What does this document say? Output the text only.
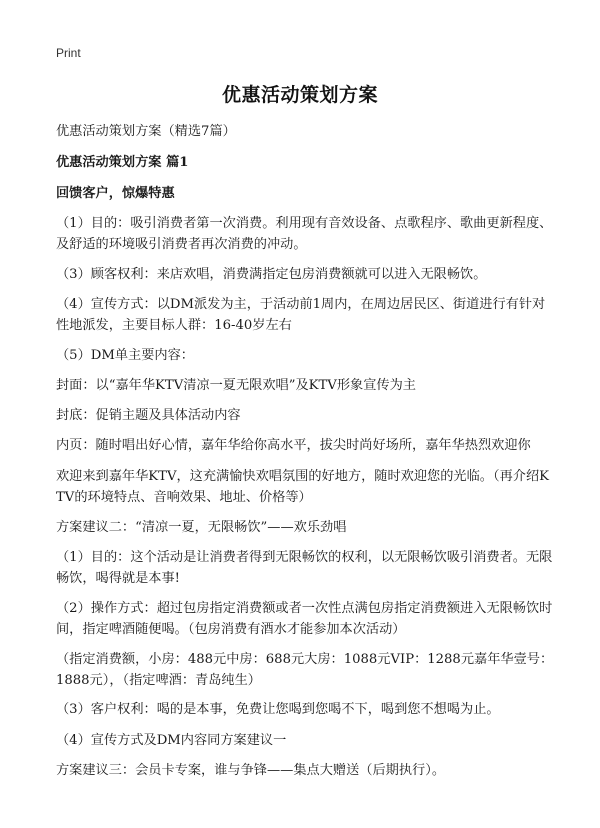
Print
优惠活动策划方案
优惠活动策划方案（精选7篇）
优惠活动策划方案 篇1
回馈客户，惊爆特惠
（1）目的：吸引消费者第一次消费。利用现有音效设备、点歌程序、歌曲更新程度、及舒适的环境吸引消费者再次消费的冲动。
（3）顾客权利：来店欢唱，消费满指定包房消费额就可以进入无限畅饮。
（4）宣传方式：以DM派发为主，于活动前1周内，在周边居民区、街道进行有针对性地派发，主要目标人群：16-40岁左右
（5）DM单主要内容：
封面：以“嘉年华KTV清凉一夏无限欢唱”及KTV形象宣传为主
封底：促销主题及具体活动内容
内页：随时唱出好心情，嘉年华给你高水平，拔尖时尚好场所，嘉年华热烈欢迎你
欢迎来到嘉年华KTV，这充满愉快欢唱氛围的好地方，随时欢迎您的光临。（再介绍KTV的环境特点、音响效果、地址、价格等）
方案建议二：“清凉一夏，无限畅饮”——欢乐劲唱
（1）目的：这个活动是让消费者得到无限畅饮的权利，以无限畅饮吸引消费者。无限畅饮，喝得就是本事!
（2）操作方式：超过包房指定消费额或者一次性点满包房指定消费额进入无限畅饮时间，指定啤酒随便喝。（包房消费有酒水才能参加本次活动）
（指定消费额，小房：488元中房：688元大房：1088元VIP：1288元嘉年华壹号：1888元），（指定啤酒：青岛纯生）
（3）客户权利：喝的是本事，免费让您喝到您喝不下，喝到您不想喝为止。
（4）宣传方式及DM内容同方案建议一
方案建议三：会员卡专案，谁与争锋——集点大赠送（后期执行）。
